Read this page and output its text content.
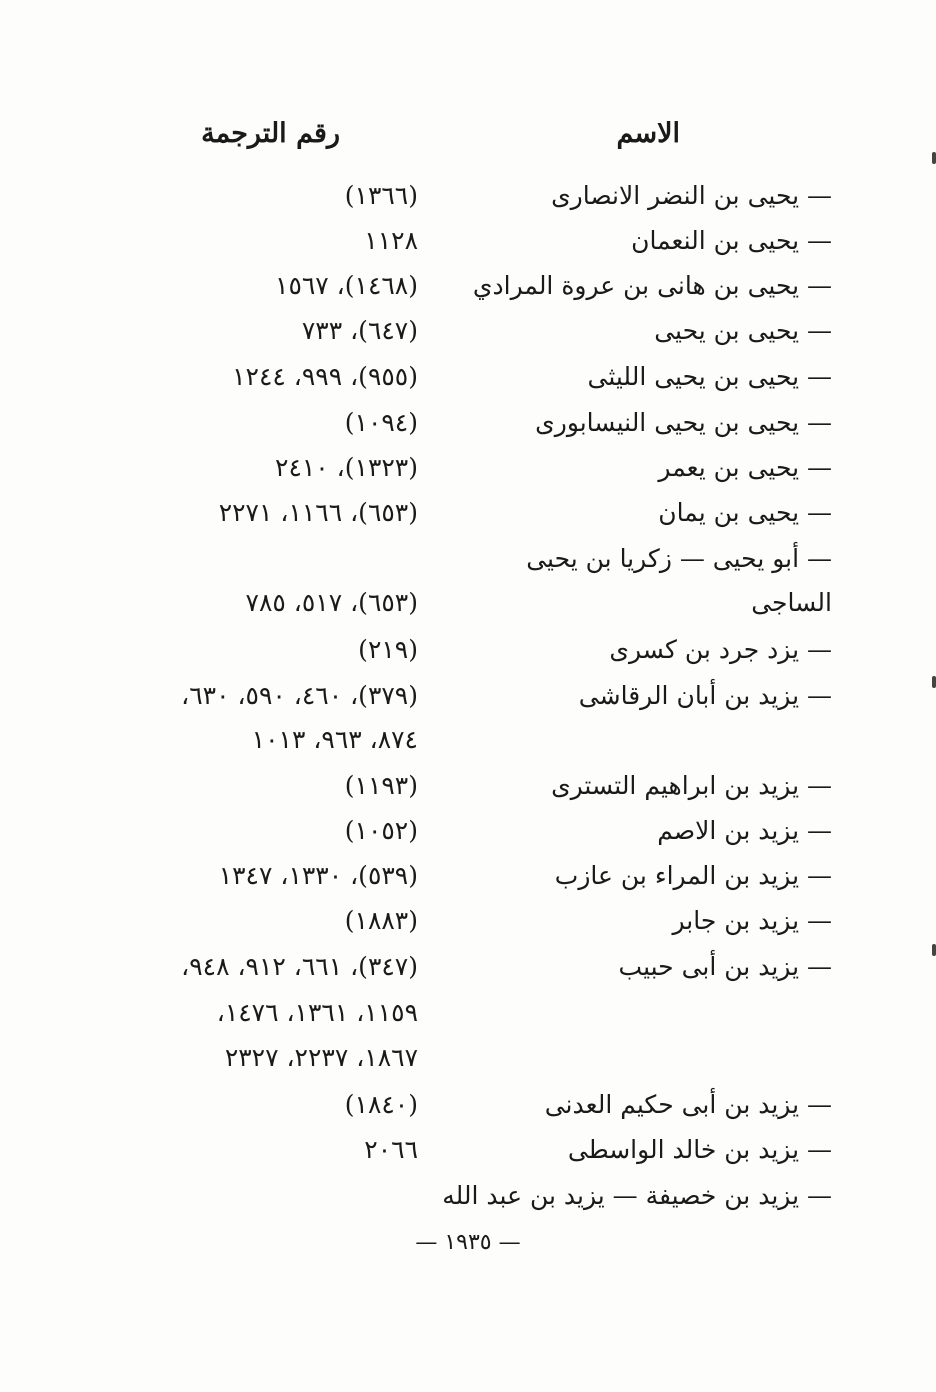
الاسم
رقم الترجمة
— يحيى بن النضر الانصارى
(١٣٦٦)
— يحيى بن النعمان
١١٢٨
— يحيى بن هانى بن عروة المرادي
(١٤٦٨)، ١٥٦٧
— يحيى بن يحيى
(٦٤٧)، ٧٣٣
— يحيى بن يحيى الليثى
(٩٥٥)، ٩٩٩، ١٢٤٤
— يحيى بن يحيى النيسابورى
(١٠٩٤)
— يحيى بن يعمر
(١٣٢٣)، ٢٤١٠
— يحيى بن يمان
(٦٥٣)، ١١٦٦، ٢٢٧١
— أبو يحيى — زكريا بن يحيى
الساجى
(٦٥٣)، ٥١٧، ٧٨٥
— يزد جرد بن كسرى
(٢١٩)
— يزيد بن أبان الرقاشى
(٣٧٩)، ٤٦٠، ٥٩٠، ٦٣٠،
٨٧٤، ٩٦٣، ١٠١٣
— يزيد بن ابراهيم التسترى
(١١٩٣)
— يزيد بن الاصم
(١٠٥٢)
— يزيد بن المراء بن عازب
(٥٣٩)، ١٣٣٠، ١٣٤٧
— يزيد بن جابر
(١٨٨٣)
— يزيد بن أبى حبيب
(٣٤٧)، ٦٦١، ٩١٢، ٩٤٨،
١١٥٩، ١٣٦١، ١٤٧٦،
١٨٦٧، ٢٢٣٧، ٢٣٢٧
— يزيد بن أبى حكيم العدنى
(١٨٤٠)
— يزيد بن خالد الواسطى
٢٠٦٦
— يزيد بن خصيفة — يزيد بن عبد الله
— ١٩٣٥ —
